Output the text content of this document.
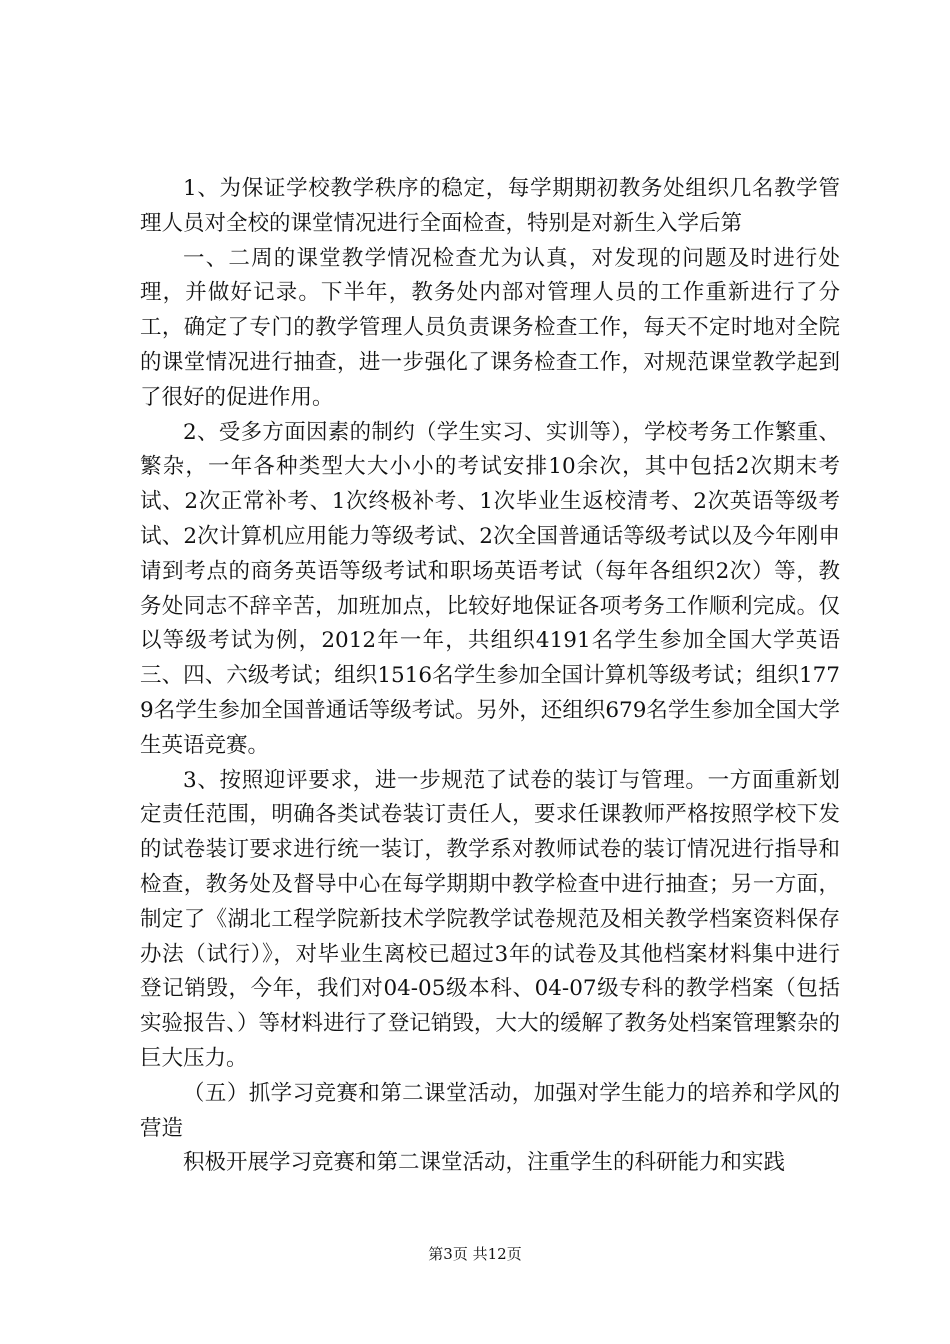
1、为保证学校教学秩序的稳定，每学期期初教务处组织几名教学管理人员对全校的课堂情况进行全面检查，特别是对新生入学后第

一、二周的课堂教学情况检查尤为认真，对发现的问题及时进行处理，并做好记录。下半年，教务处内部对管理人员的工作重新进行了分工，确定了专门的教学管理人员负责课务检查工作，每天不定时地对全院的课堂情况进行抽查，进一步强化了课务检查工作，对规范课堂教学起到了很好的促进作用。

2、受多方面因素的制约（学生实习、实训等），学校考务工作繁重、繁杂，一年各种类型大大小小的考试安排10余次，其中包括2次期末考试、2次正常补考、1次终极补考、1次毕业生返校清考、2次英语等级考试、2次计算机应用能力等级考试、2次全国普通话等级考试以及今年刚申请到考点的商务英语等级考试和职场英语考试（每年各组织2次）等，教务处同志不辞辛苦，加班加点，比较好地保证各项考务工作顺利完成。仅以等级考试为例，2012年一年，共组织4191名学生参加全国大学英语三、四、六级考试；组织1516名学生参加全国计算机等级考试；组织1779名学生参加全国普通话等级考试。另外，还组织679名学生参加全国大学生英语竞赛。

3、按照迎评要求，进一步规范了试卷的装订与管理。一方面重新划定责任范围，明确各类试卷装订责任人，要求任课教师严格按照学校下发的试卷装订要求进行统一装订，教学系对教师试卷的装订情况进行指导和检查，教务处及督导中心在每学期期中教学检查中进行抽查；另一方面，制定了《湖北工程学院新技术学院教学试卷规范及相关教学档案资料保存办法（试行）》，对毕业生离校已超过3年的试卷及其他档案材料集中进行登记销毁，今年，我们对04-05级本科、04-07级专科的教学档案（包括实验报告、）等材料进行了登记销毁，大大的缓解了教务处档案管理繁杂的巨大压力。

（五）抓学习竞赛和第二课堂活动，加强对学生能力的培养和学风的营造

积极开展学习竞赛和第二课堂活动，注重学生的科研能力和实践

第3页 共12页
